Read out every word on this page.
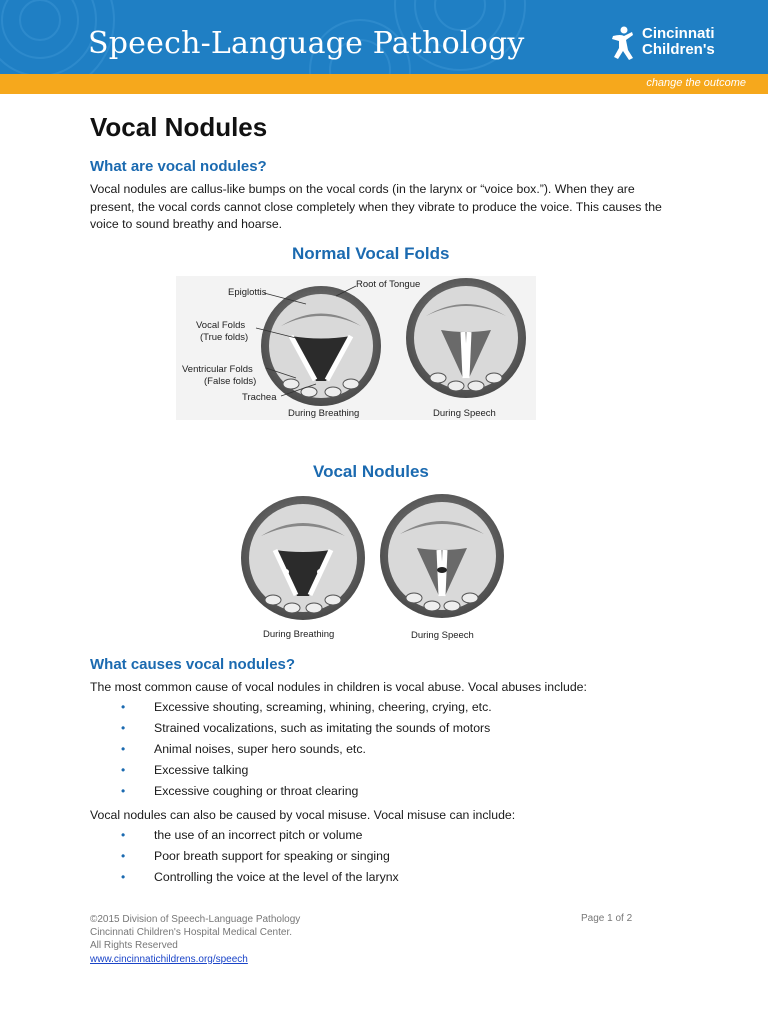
Speech-Language Pathology	Cincinnati
Children's
change the outcome
Vocal Nodules
What are vocal nodules?
Vocal nodules are callus-like bumps on the vocal cords (in the larynx or “voice box.”). When they are present, the vocal cords cannot close completely when they vibrate to produce the voice. This causes the voice to sound breathy and hoarse.
Normal Vocal Folds
Epiglottis
Root of Tongue
Vocal Folds
(True folds)
Ventricular Folds
(False folds)
Trachea
During Breathing	During Speech
Vocal Nodules
During Breathing	During Speech
What causes vocal nodules?
The most common cause of vocal nodules in children is vocal abuse. Vocal abuses include:
• Excessive shouting, screaming, whining, cheering, crying, etc.
• Strained vocalizations, such as imitating the sounds of motors
• Animal noises, super hero sounds, etc.
• Excessive talking
• Excessive coughing or throat clearing
Vocal nodules can also be caused by vocal misuse. Vocal misuse can include:
• the use of an incorrect pitch or volume
• Poor breath support for speaking or singing
• Controlling the voice at the level of the larynx
©2015 Division of Speech-Language Pathology
Cincinnati Children's Hospital Medical Center.
All Rights Reserved
www.cincinnatichildrens.org/speech
Page 1 of 2
